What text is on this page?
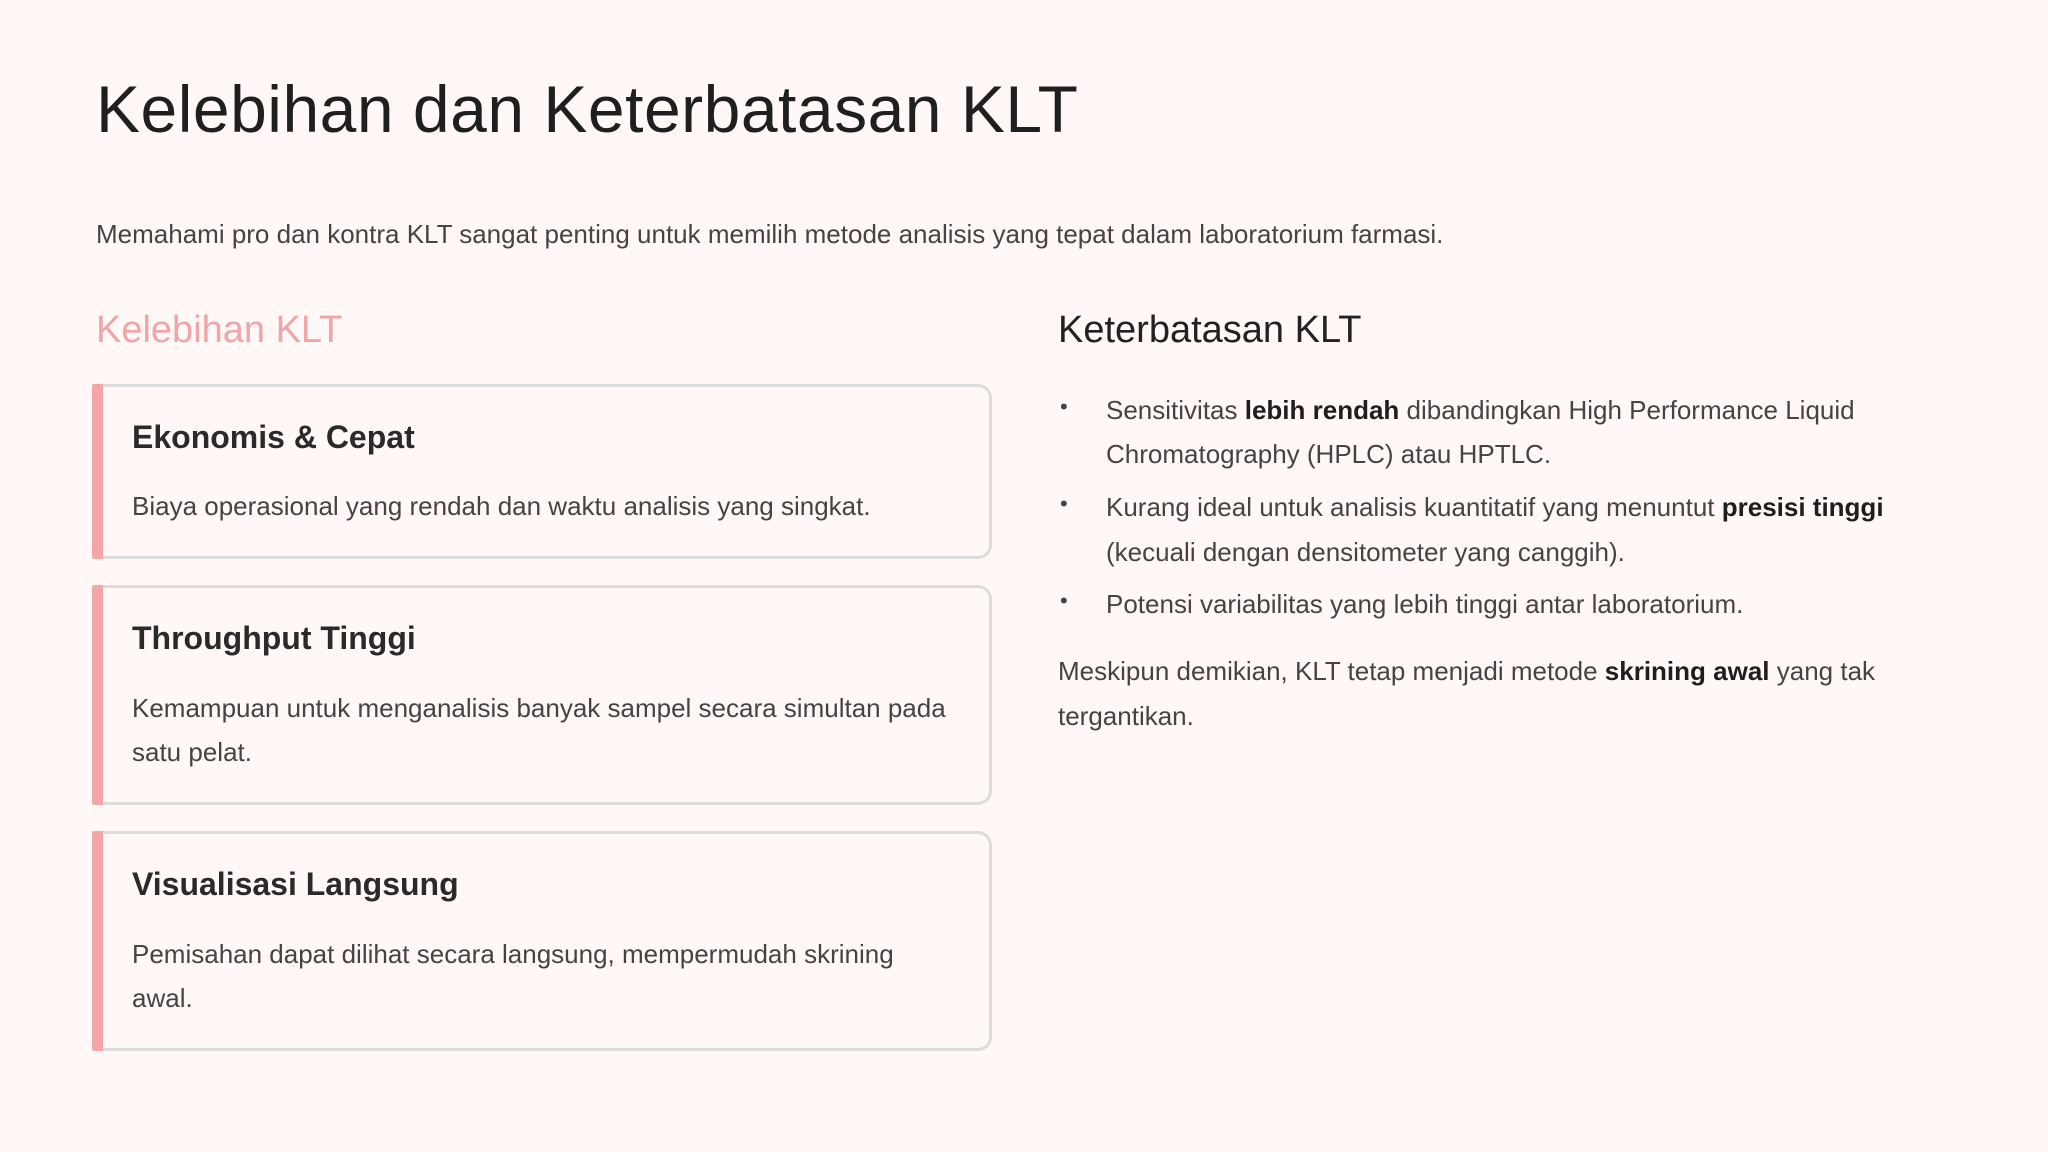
Kelebihan dan Keterbatasan KLT

Memahami pro dan kontra KLT sangat penting untuk memilih metode analisis yang tepat dalam laboratorium farmasi.

Kelebihan KLT
Ekonomis & Cepat

Biaya operasional yang rendah dan waktu analisis yang singkat.

Throughput Tinggi

Kemampuan untuk menganalisis banyak sampel secara simultan pada satu pelat.

Visualisasi Langsung

Pemisahan dapat dilihat secara langsung, mempermudah skrining awal.

Keterbatasan KLT
• Sensitivitas lebih rendah dibandingkan High Performance Liquid Chromatography (HPLC) atau HPTLC.
• Kurang ideal untuk analisis kuantitatif yang menuntut presisi tinggi (kecuali dengan densitometer yang canggih).
• Potensi variabilitas yang lebih tinggi antar laboratorium.

Meskipun demikian, KLT tetap menjadi metode skrining awal yang tak tergantikan.
